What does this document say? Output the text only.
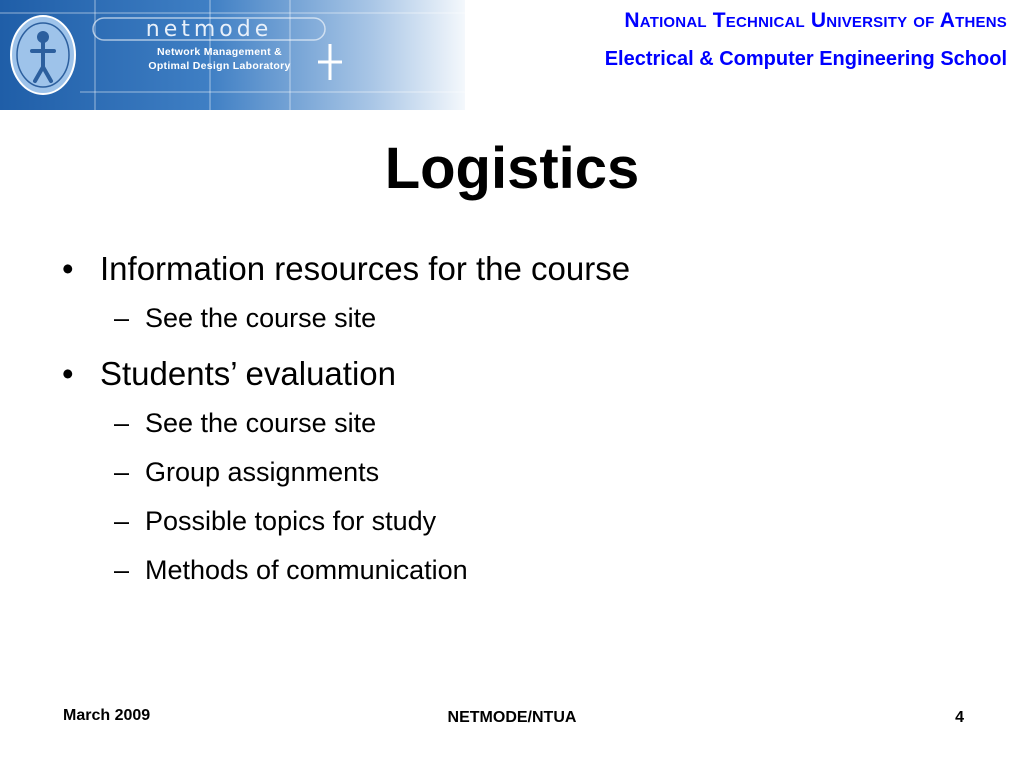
netmode
Network Management &
Optimal Design Laboratory
National Technical University of Athens
Electrical & Computer Engineering School
Logistics
• Information resources for the course
– See the course site
• Students’ evaluation
– See the course site
– Group assignments
– Possible topics for study
– Methods of communication
March 2009	NETMODE/NTUA	4
